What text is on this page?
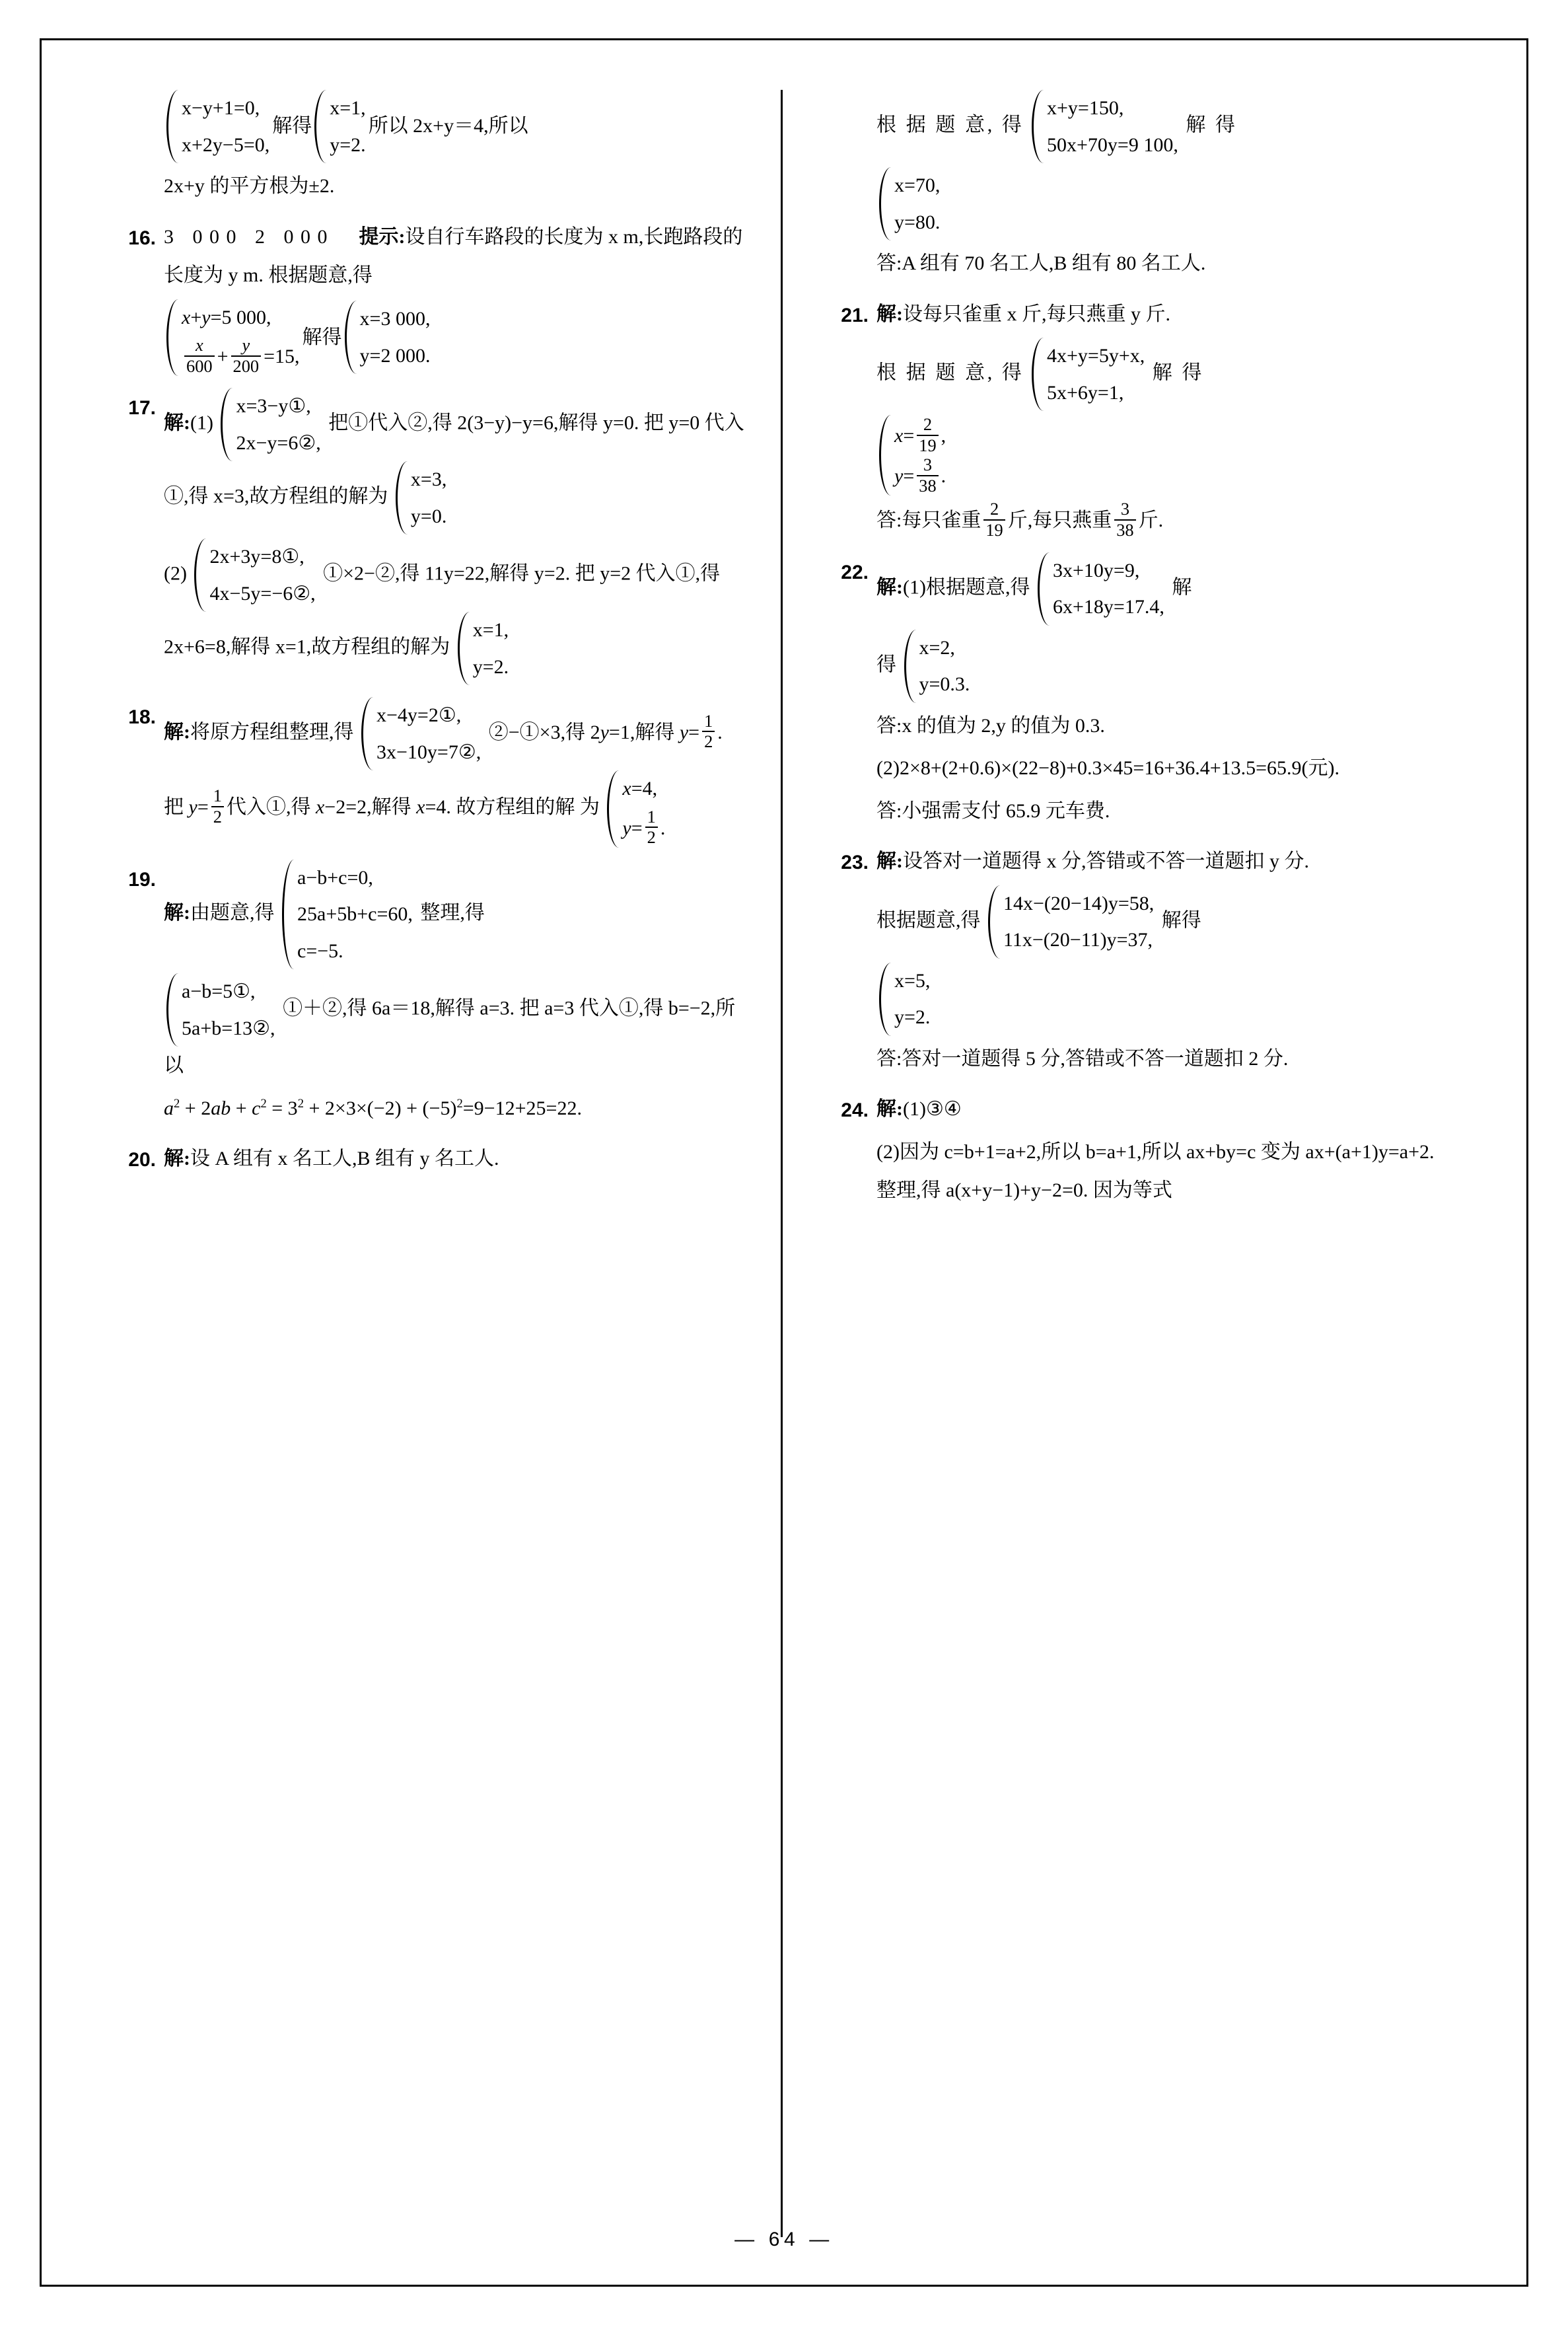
x−y+1=0,
x+2y−5=0,
解得
x=1,
y=2.
所以 2x+y＝4,所以
2x+y 的平方根为±2.
16. 3 000 2 000 提示:设自行车路段的长度为 x m,长跑路段的长度为 y m. 根据题意,得
x+y=5 000,
$\frac{x}{600} + \frac{y}{200} =15$,
解得
x=3 000,
y=2 000.
17.
解:(1)
x=3−y①,
2x−y=6②,
把①代入②,得 2(3−y)−y=6,解得 y=0. 把 y=0 代入①,得 x=3,故方程组的解为
x=3,
y=0.
(2)
2x+3y=8①,
4x−5y=−6②,
①×2−②,得 11y=22,解得 y=2. 把 y=2 代入①,得 2x+6=8,解得 x=1,故方程组的解为
x=1,
y=2.
18.
解:将原方程组整理,得
x−4y=2①,
3x−10y=7②,
②−①×3,得 2y=1,解得 $y= \frac{1}{2}$ . 把 $y= \frac{1}{2}$ 代入①,得 x−2=2,解得 x=4. 故方程组的解 为
x=4,
$y= \frac{1}{2}$ .
19.
解:由题意,得
a−b+c=0,
25a+5b+c=60,
c=−5.
整理,得
a−b=5①,
5a+b=13②,
①＋②,得 6a＝18,解得 a=3. 把 a=3 代入①,得 b=−2,所以
$a^2 + 2ab + c^2 = 3^2 + 2\times 3\times(-2) + (-5)^2=9-12+25=22$.
20. 解:设 A 组有 x 名工人,B 组有 y 名工人.
根 据 题 意, 得
x+y=150,
50x+70y=9 100,
解 得
x=70,
y=80.
答:A 组有 70 名工人,B 组有 80 名工人.
21. 解:设每只雀重 x 斤,每只燕重 y 斤.
根 据 题 意, 得
4x+y=5y+x,
5x+6y=1,
解 得
$x= \frac{2}{19}$ ,
$y= \frac{3}{38}$ .
答:每只雀重 $\frac{2}{19}$ 斤,每只燕重 $\frac{3}{38}$ 斤.
22.
解:(1)根据题意,得
3x+10y=9,
6x+18y=17.4,
解
得
x=2,
y=0.3.
答:x 的值为 2,y 的值为 0.3.
(2)2×8+(2+0.6)×(22−8)+0.3×45=16+36.4+13.5=65.9(元).
答:小强需支付 65.9 元车费.
23. 解:设答对一道题得 x 分,答错或不答一道题扣 y 分.
根据题意,得
14x−(20−14)y=58,
11x−(20−11)y=37,
解得
x=5,
y=2.
答:答对一道题得 5 分,答错或不答一道题扣 2 分.
24. 解:(1)③④
(2)因为 c=b+1=a+2,所以 b=a+1,所以 ax+by=c 变为 ax+(a+1)y=a+2. 整理,得 a(x+y−1)+y−2=0. 因为等式
— 64 —
